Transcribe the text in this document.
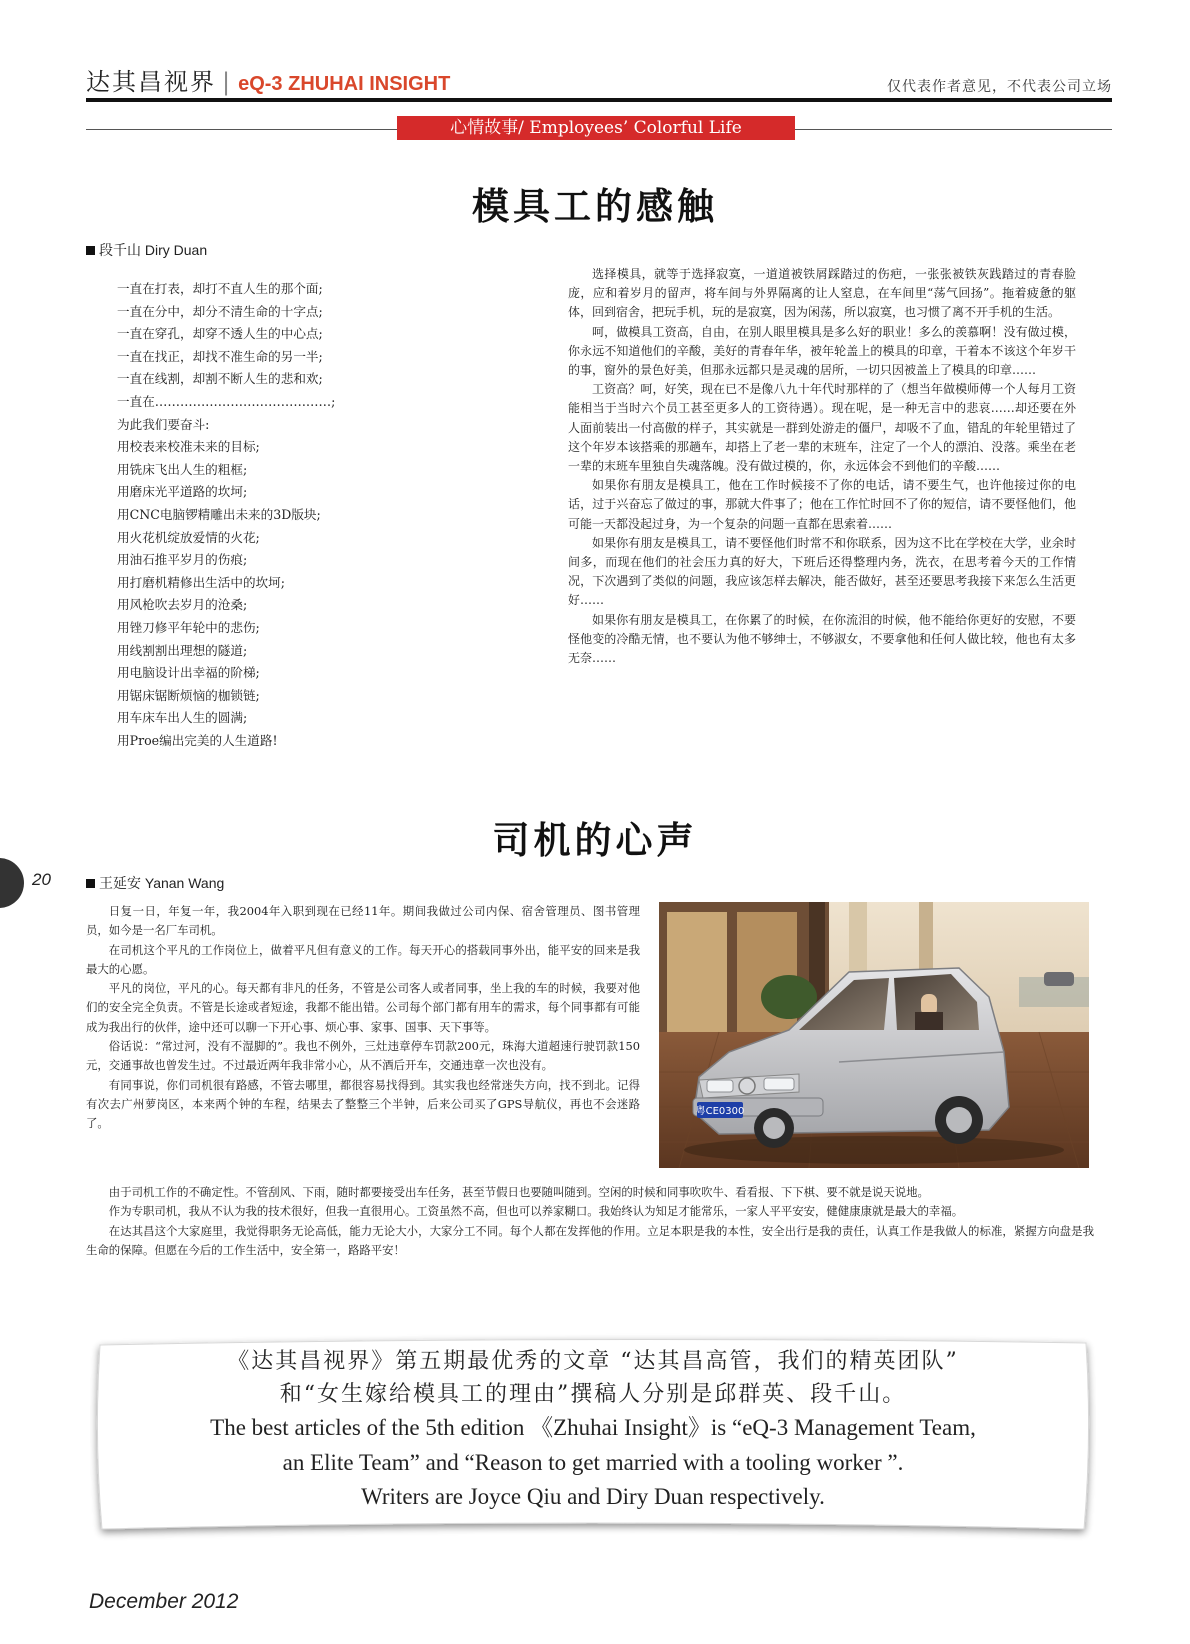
达其昌视界 | eQ-3 ZHUHAI INSIGHT	仅代表作者意见，不代表公司立场
心情故事/ Employees’ Colorful Life
模具工的感触
段千山 Diry Duan
一直在打表，却打不直人生的那个面;
一直在分中，却分不清生命的十字点;
一直在穿孔，却穿不透人生的中心点;
一直在找正，却找不准生命的另一半;
一直在线割，却割不断人生的悲和欢;
一直在……………………………………;
为此我们要奋斗:
用校表来校准未来的目标;
用铣床飞出人生的粗框;
用磨床光平道路的坎坷;
用CNC电脑锣精雕出未来的3D版块;
用火花机绽放爱情的火花;
用油石推平岁月的伤痕;
用打磨机精修出生活中的坎坷;
用风枪吹去岁月的沧桑;
用锉刀修平年轮中的悲伤;
用线割割出理想的隧道;
用电脑设计出幸福的阶梯;
用锯床锯断烦恼的枷锁链;
用车床车出人生的圆满;
用Proe编出完美的人生道路!

选择模具，就等于选择寂寞，一道道被铁屑踩踏过的伤疤，一张张被铁灰践踏过的青春脸庞，应和着岁月的留声，将车间与外界隔离的让人窒息，在车间里“荡气回扬”。拖着疲惫的躯体，回到宿舍，把玩手机，玩的是寂寞，因为闲荡，所以寂寞，也习惯了离不开手机的生活。

呵，做模具工资高，自由，在别人眼里模具是多么好的职业！多么的羡慕啊！没有做过模，你永远不知道他们的辛酸，美好的青春年华，被年轮盖上的模具的印章，干着本不该这个年岁干的事，窗外的景色好美，但那永远都只是灵魂的居所，一切只因被盖上了模具的印章……

工资高？呵，好笑，现在已不是像八九十年代时那样的了（想当年做模师傅一个人每月工资能相当于当时六个员工甚至更多人的工资待遇）。现在呢，是一种无言中的悲哀……却还要在外人面前装出一付高傲的样子，其实就是一群到处游走的僵尸，却吸不了血，错乱的年轮里错过了这个年岁本该搭乘的那趟车，却搭上了老一辈的末班车，注定了一个人的漂泊、没落。乘坐在老一辈的末班车里独自失魂落魄。没有做过模的，你，永远体会不到他们的辛酸……

如果你有朋友是模具工，他在工作时候接不了你的电话，请不要生气，也许他接过你的电话，过于兴奋忘了做过的事，那就大件事了；他在工作忙时回不了你的短信，请不要怪他们，他可能一天都没起过身，为一个复杂的问题一直都在思索着……

如果你有朋友是模具工，请不要怪他们时常不和你联系，因为这不比在学校在大学，业余时间多，而现在他们的社会压力真的好大，下班后还得整理内务，洗衣，在思考着今天的工作情况，下次遇到了类似的问题，我应该怎样去解决，能否做好，甚至还要思考我接下来怎么生活更好……

如果你有朋友是模具工，在你累了的时候，在你流泪的时候，他不能给你更好的安慰，不要怪他变的冷酷无情，也不要认为他不够绅士，不够淑女，不要拿他和任何人做比较，他也有太多无奈……

20
司机的心声
王延安 Yanan Wang
粤CE0300

日复一日，年复一年，我2004年入职到现在已经11年。期间我做过公司内保、宿舍管理员、图书管理员，如今是一名厂车司机。

在司机这个平凡的工作岗位上，做着平凡但有意义的工作。每天开心的搭载同事外出，能平安的回来是我最大的心愿。

平凡的岗位，平凡的心。每天都有非凡的任务，不管是公司客人或者同事，坐上我的车的时候，我要对他们的安全完全负责。不管是长途或者短途，我都不能出错。公司每个部门都有用车的需求，每个同事都有可能成为我出行的伙伴，途中还可以聊一下开心事、烦心事、家事、国事、天下事等。

俗话说：“常过河，没有不湿脚的”。我也不例外，三灶违章停车罚款200元，珠海大道超速行驶罚款150元，交通事故也曾发生过。不过最近两年我非常小心，从不酒后开车，交通违章一次也没有。

有同事说，你们司机很有路感，不管去哪里，都很容易找得到。其实我也经常迷失方向，找不到北。记得有次去广州萝岗区，本来两个钟的车程，结果去了整整三个半钟，后来公司买了GPS导航仪，再也不会迷路了。

由于司机工作的不确定性。不管刮风、下雨，随时都要接受出车任务，甚至节假日也要随叫随到。空闲的时候和同事吹吹牛、看看报、下下棋、要不就是说天说地。

作为专职司机，我从不认为我的技术很好，但我一直很用心。工资虽然不高，但也可以养家糊口。我始终认为知足才能常乐，一家人平平安安，健健康康就是最大的幸福。

在达其昌这个大家庭里，我觉得职务无论高低，能力无论大小，大家分工不同。每个人都在发挥他的作用。立足本职是我的本性，安全出行是我的责任，认真工作是我做人的标准，紧握方向盘是我生命的保障。但愿在今后的工作生活中，安全第一，路路平安！

《达其昌视界》第五期最优秀的文章 “达其昌高管，我们的精英团队”
和“女生嫁给模具工的理由”撰稿人分别是邱群英、段千山。
The best articles of the 5th edition 《Zhuhai Insight》is “eQ-3 Management Team,
an Elite Team” and “Reason to get married with a tooling worker ”.
Writers are Joyce Qiu and Diry Duan respectively.
December 2012
